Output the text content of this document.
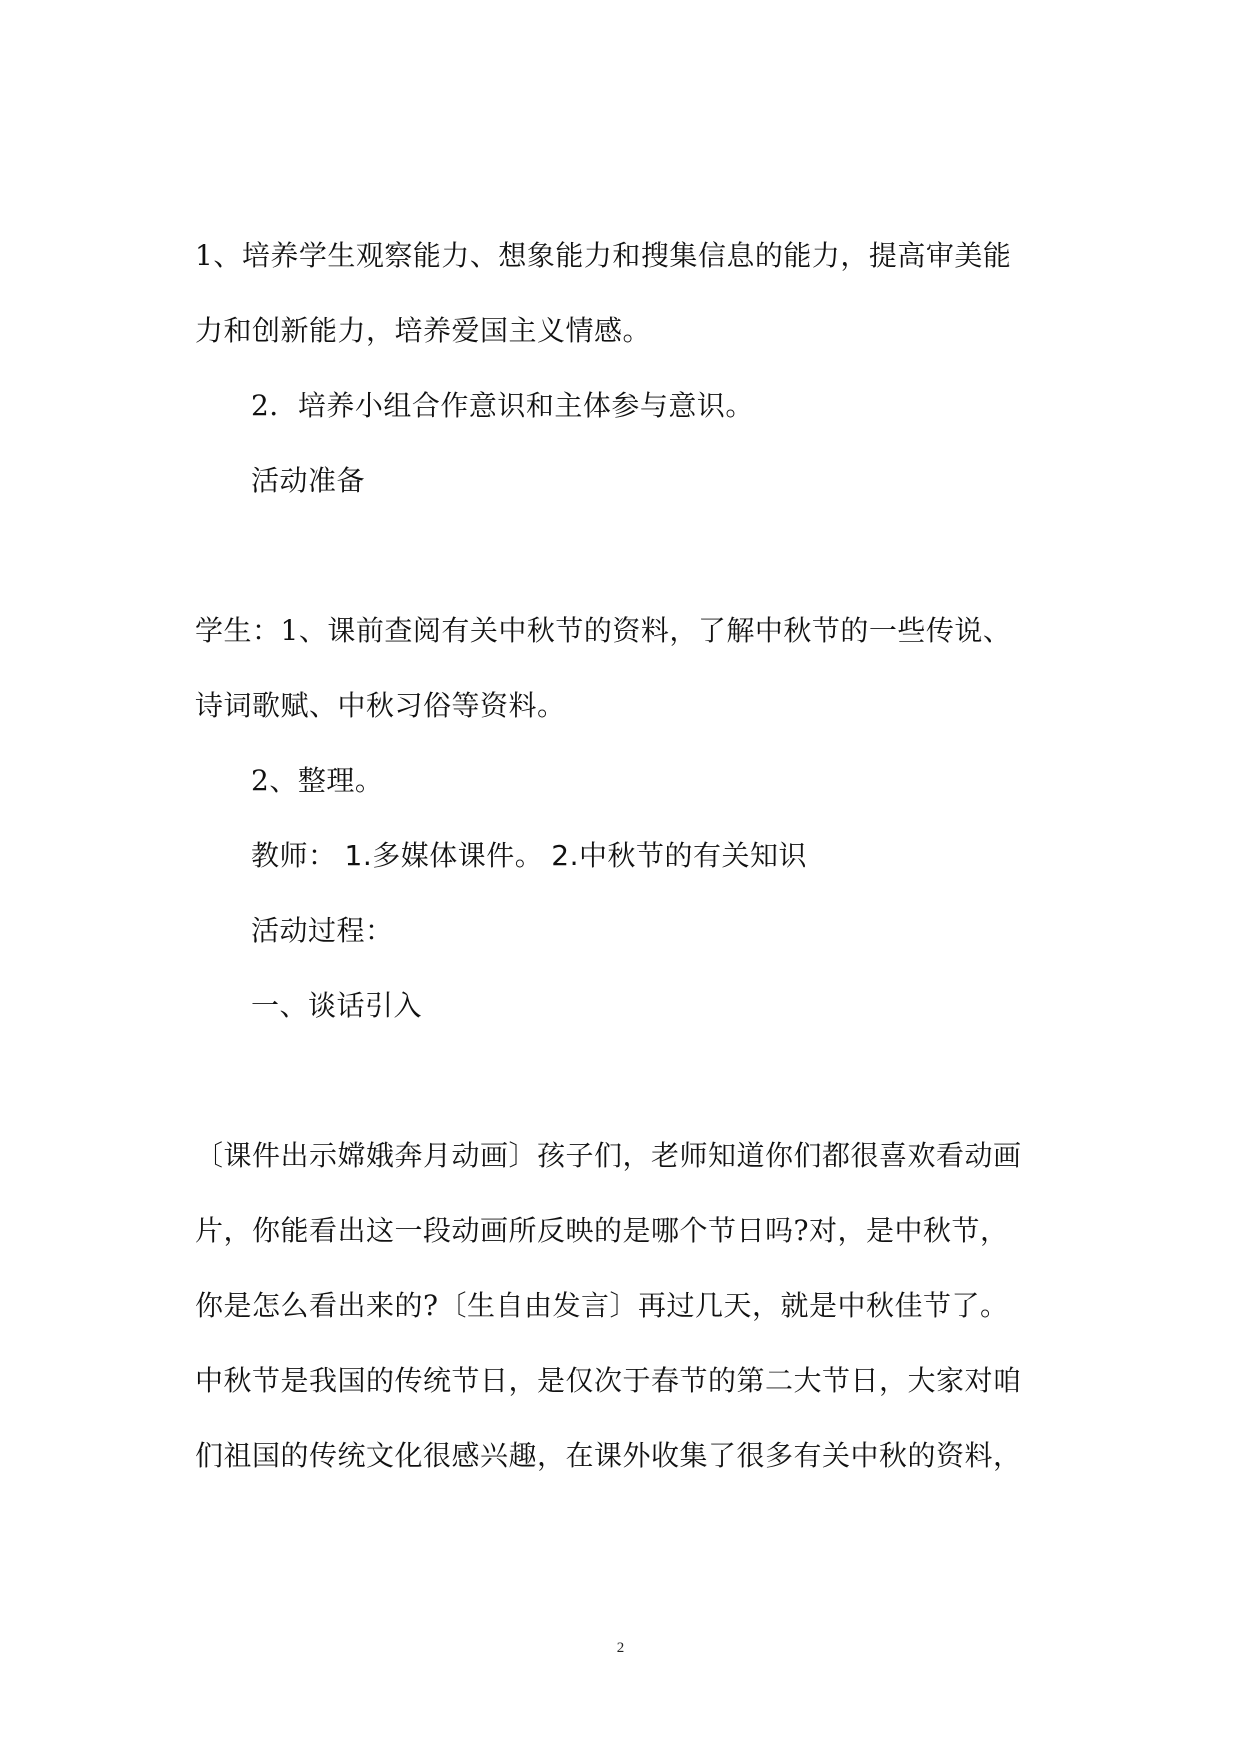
1、培养学生观察能力、想象能力和搜集信息的能力，提高审美能
力和创新能力，培养爱国主义情感。
2．培养小组合作意识和主体参与意识。
活动准备
学生：1、课前查阅有关中秋节的资料，了解中秋节的一些传说、
诗词歌赋、中秋习俗等资料。
2、整理。
教师： 1.多媒体课件。 2.中秋节的有关知识
活动过程：
一、谈话引入
〔课件出示嫦娥奔月动画〕孩子们，老师知道你们都很喜欢看动画
片，你能看出这一段动画所反映的是哪个节日吗?对，是中秋节，
你是怎么看出来的?〔生自由发言〕再过几天，就是中秋佳节了。
中秋节是我国的传统节日，是仅次于春节的第二大节日，大家对咱
们祖国的传统文化很感兴趣，在课外收集了很多有关中秋的资料，
2
